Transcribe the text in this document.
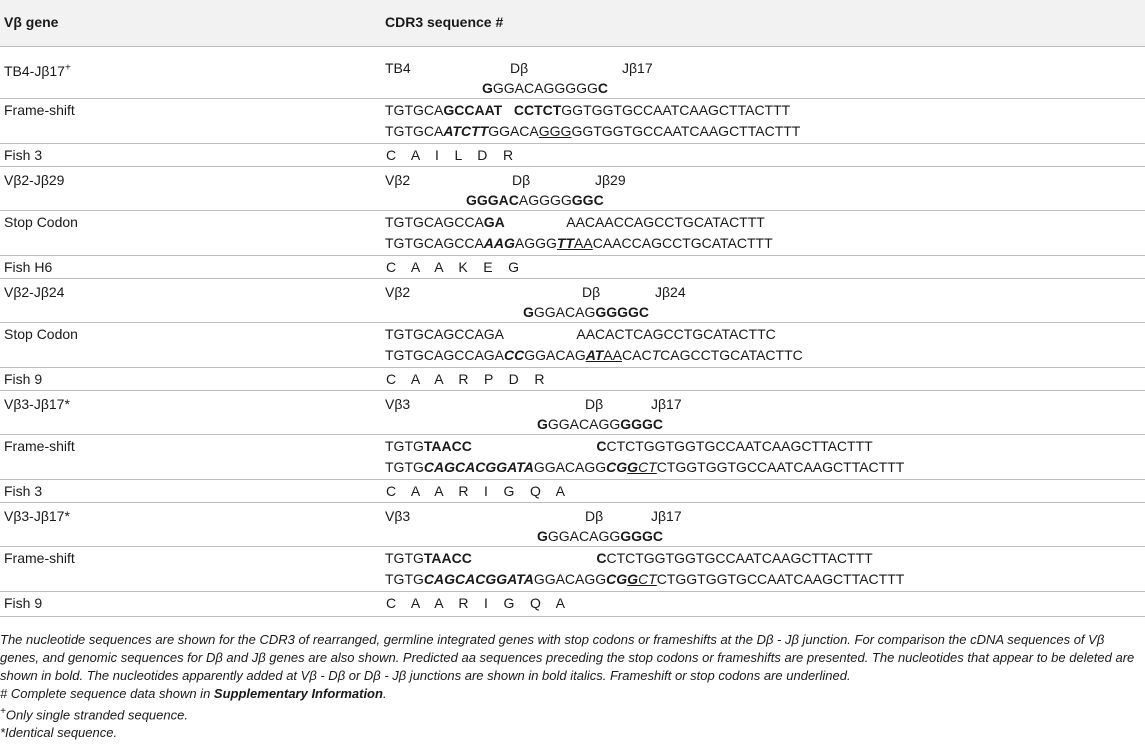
Vβ gene	CDR3 sequence #
TB4-Jβ17+	TB4	Dβ	Jβ17
GGGACAGGGGGC
Frame-shift	TGTGCAGCCAAT CCTCTGGTGGTGCCAATCAAGCTTACTTT
TGTGCAATCTTGGACAGGGGGTGGTGCCAATCAAGCTTACTTT
Fish 3	C    A    I    L    D    R
Vβ2-Jβ29	Vβ2	Dβ	Jβ29
GGGACAGGGGGGC
Stop Codon	TGTGCAGCCAGA                AACAACCAGCCTGCATACTTT
TGTGCAGCCAAAGAGGGTTAACAACCAGCCTGCATACTTT
Fish H6	C    A    A    K    E    G
Vβ2-Jβ24	Vβ2	Dβ	Jβ24
GGGACAGGGGGC
Stop Codon	TGTGCAGCCAGA                   AACACTCAGCCTGCATACTTC
TGTGCAGCCAGACCGGACAGATAACACTCAGCCTGCATACTTC
Fish 9	C    A    A    R    P    D    R
Vβ3-Jβ17*	Vβ3	Dβ	Jβ17
GGGACAGGGGGC
Frame-shift	TGTGTAACC	CCTCTGGTGGTGCCAATCAAGCTTACTTT
TGTGCAGCACGGATAGGACAGGCGGCTCTGGTGGTGCCAATCAAGCTTACTTT
Fish 3	C    A    A    R    I    G    Q    A
Vβ3-Jβ17*	Vβ3	Dβ	Jβ17
GGGACAGGGGGC
Frame-shift	TGTGTAACC	CCTCTGGTGGTGCCAATCAAGCTTACTTT
TGTGCAGCACGGATAGGACAGGCGGCTCTGGTGGTGCCAATCAAGCTTACTTT
Fish 9	C    A    A    R    I    G    Q    A

The nucleotide sequences are shown for the CDR3 of rearranged, germline integrated genes with stop codons or frameshifts at the Dβ - Jβ junction. For comparison the cDNA sequences of Vβ genes, and genomic sequences for Dβ and Jβ genes are also shown. Predicted aa sequences preceding the stop codons or frameshifts are presented. The nucleotides that appear to be deleted are shown in bold. The nucleotides apparently added at Vβ - Dβ or Dβ - Jβ junctions are shown in bold italics. Frameshift or stop codons are underlined.

# Complete sequence data shown in Supplementary Information.

+Only single stranded sequence.

*Identical sequence.
